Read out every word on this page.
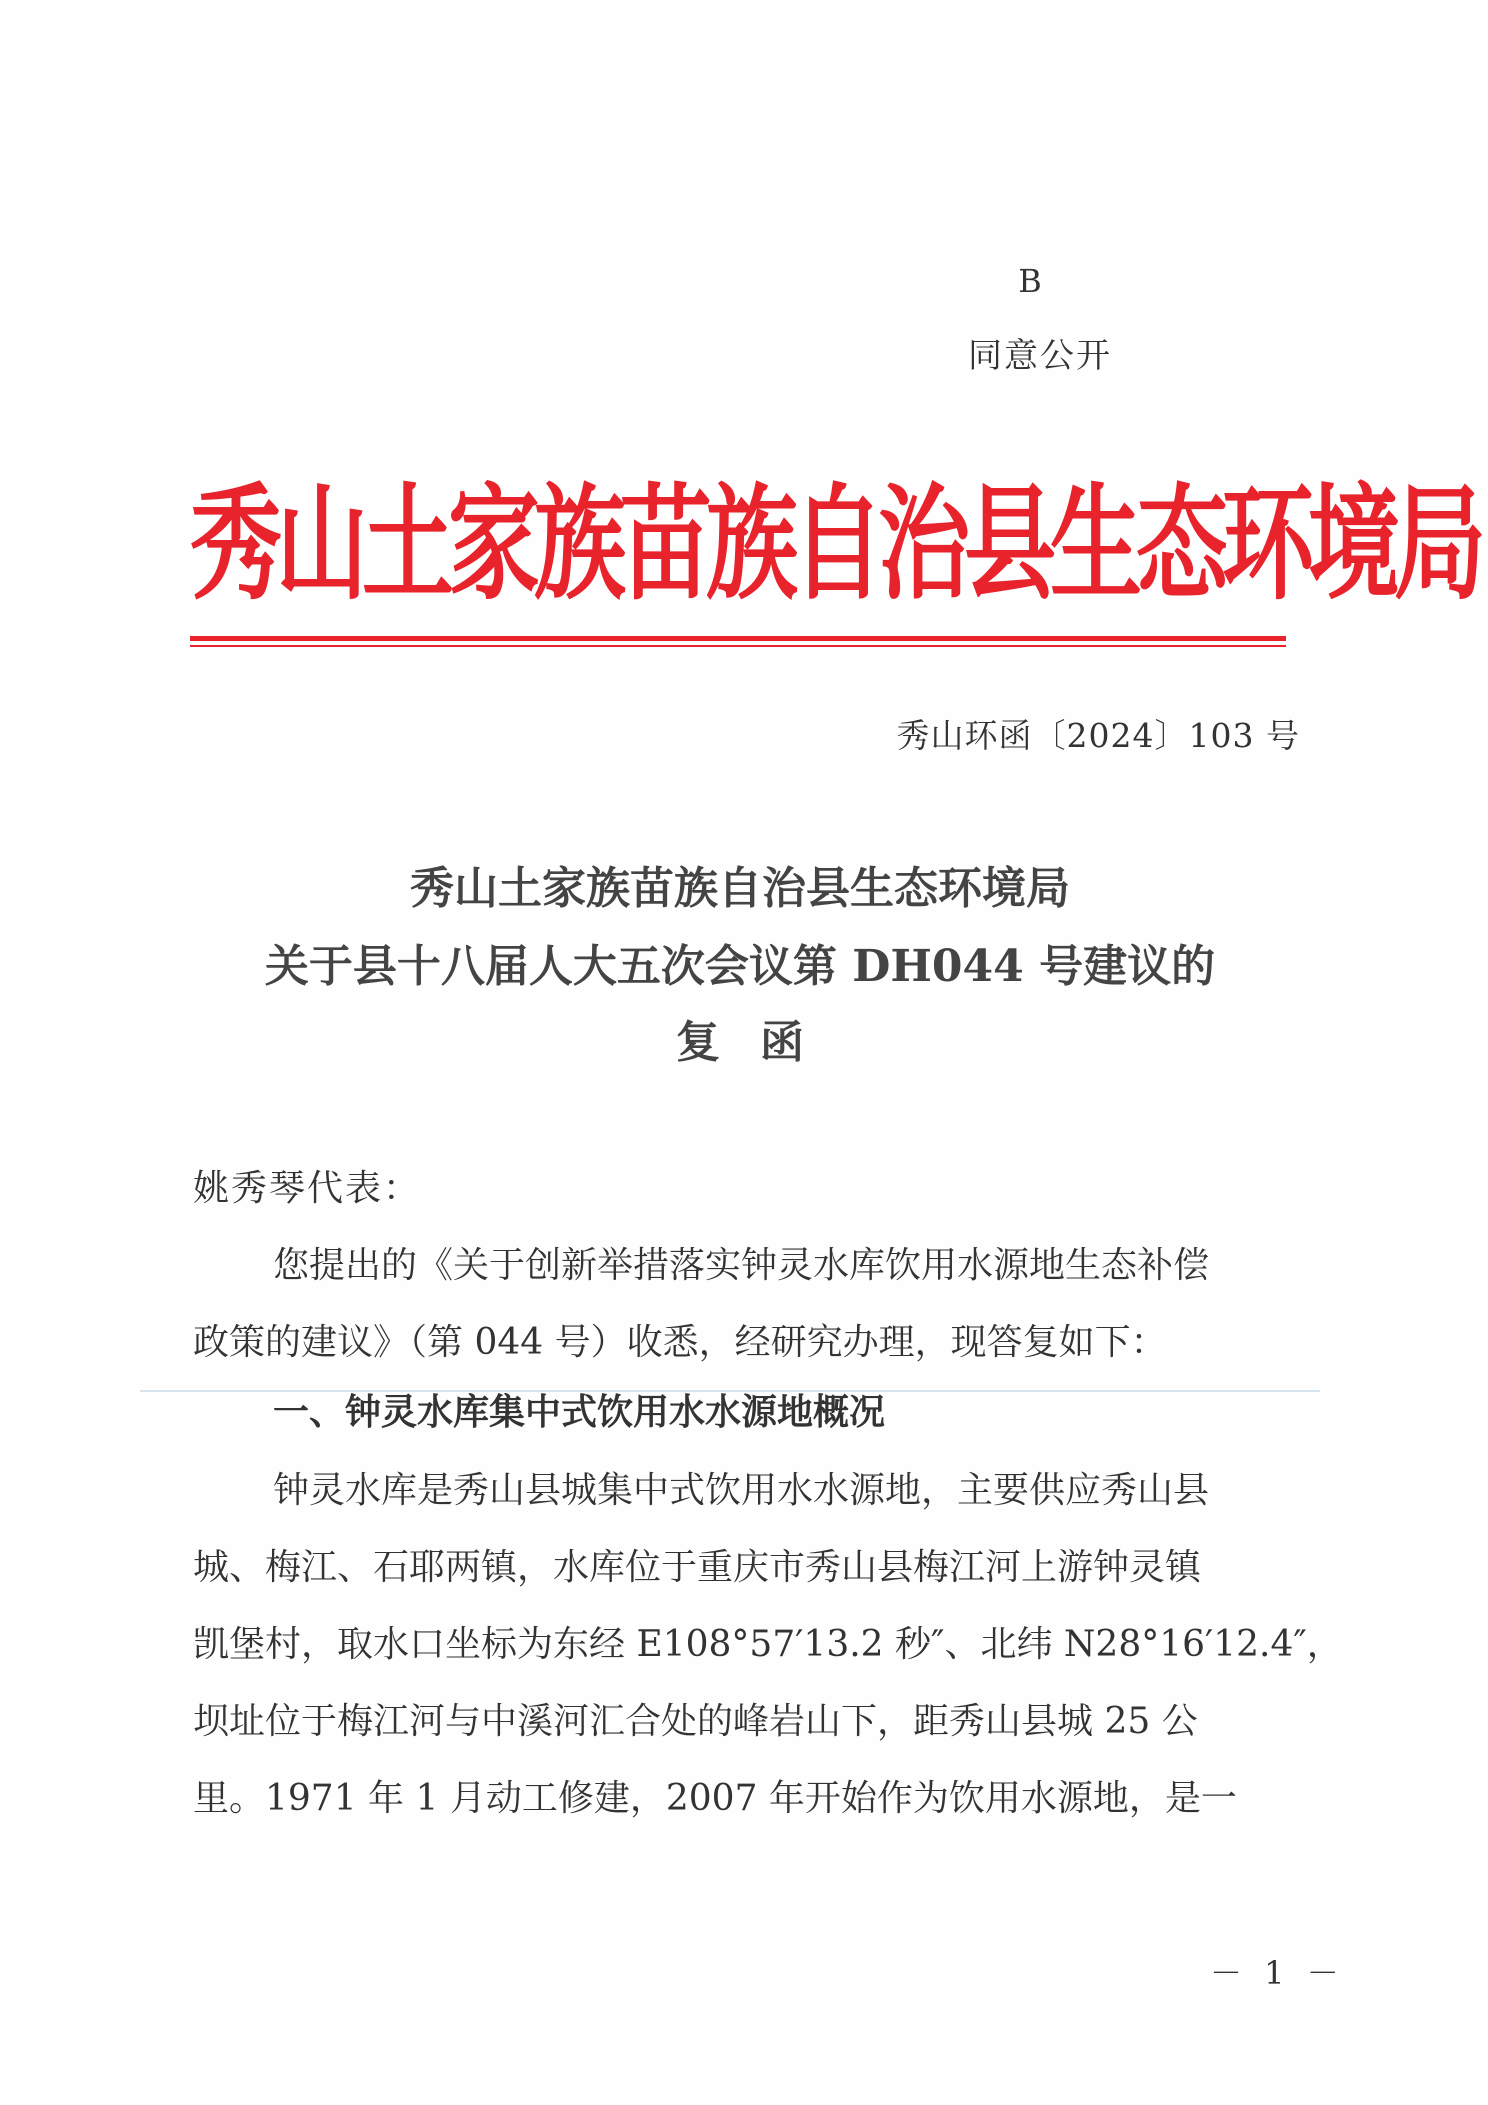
B
同意公开
秀山土家族苗族自治县生态环境局
秀山环函〔2024〕103 号
秀山土家族苗族自治县生态环境局
关于县十八届人大五次会议第 DH044 号建议的
复函
姚秀琴代表：
您提出的《关于创新举措落实钟灵水库饮用水源地生态补偿
政策的建议》（第 044 号）收悉，经研究办理，现答复如下：
一、钟灵水库集中式饮用水水源地概况
钟灵水库是秀山县城集中式饮用水水源地，主要供应秀山县
城、梅江、石耶两镇，水库位于重庆市秀山县梅江河上游钟灵镇
凯堡村，取水口坐标为东经 E108°57′13.2 秒″、北纬 N28°16′12.4″，
坝址位于梅江河与中溪河汇合处的峰岩山下，距秀山县城 25 公
里。1971 年 1 月动工修建，2007 年开始作为饮用水源地，是一
－ 1 －
